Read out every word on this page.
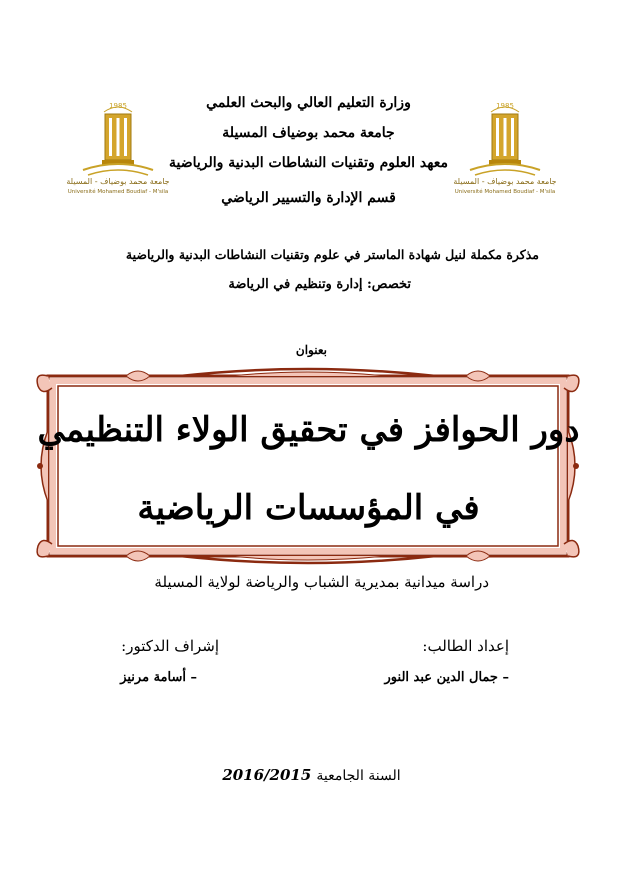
1985
جامعة محمد بوضياف - المسيلة
Université Mohamed Boudiaf - M'sila
1985
جامعة محمد بوضياف - المسيلة
Université Mohamed Boudiaf - M'sila
وزارة التعليم العالي والبحث العلمي
جامعة محمد بوضياف المسيلة
معهد العلوم وتقنيات النشاطات البدنية والرياضية
قسم الإدارة والتسيير الرياضي
مذكرة مكملة لنيل شهادة الماستر في علوم وتقنيات النشاطات البدنية والرياضية
تخصص: إدارة وتنظيم في الرياضة
بعنوان
دور الحوافز في تحقيق الولاء التنظيمي
في المؤسسات الرياضية
دراسة ميدانية بمديرية الشباب والرياضة لولاية المسيلة
إعداد الطالب:
– جمال الدين عبد النور
إشراف الدكتور:
– أسامة مرنيز
السنة الجامعية 2016/2015
